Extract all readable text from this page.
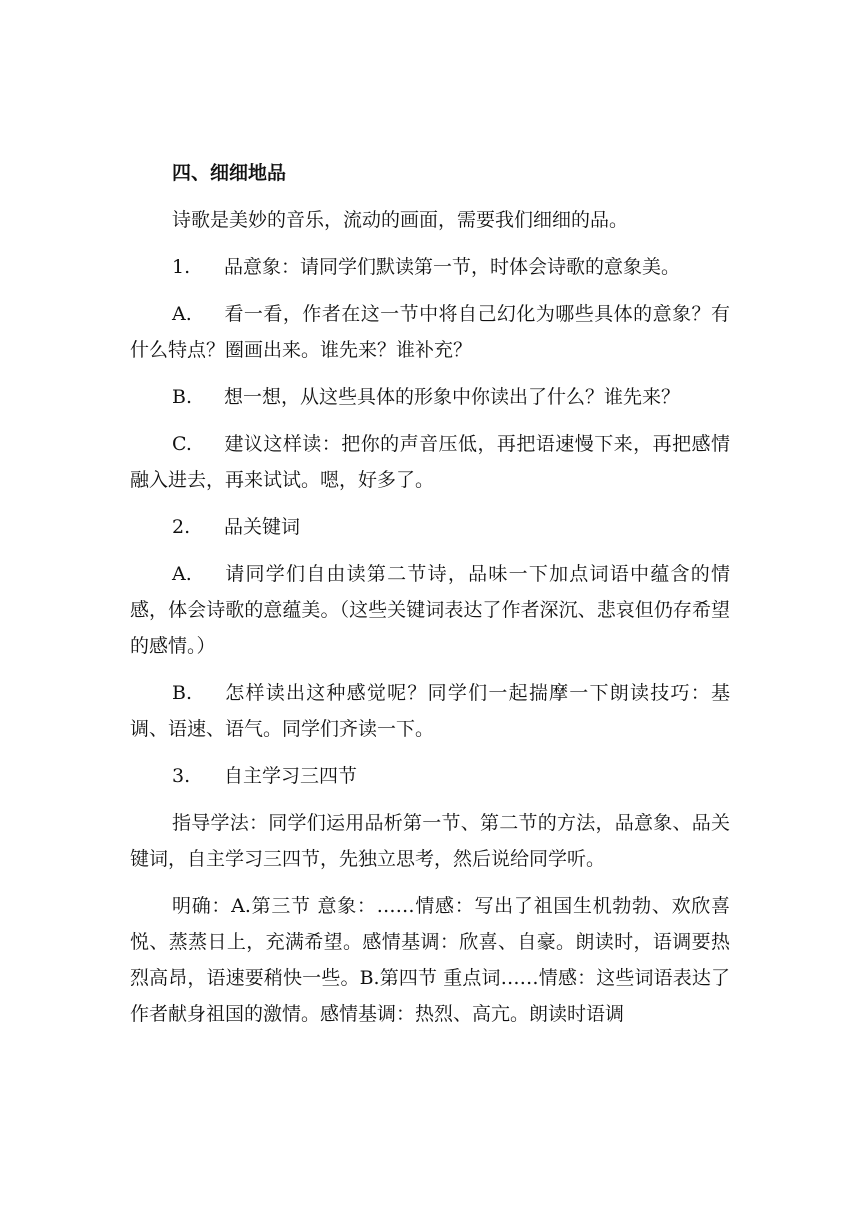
四、细细地品

诗歌是美妙的音乐，流动的画面，需要我们细细的品。

1. 品意象：请同学们默读第一节，时体会诗歌的意象美。

A. 看一看，作者在这一节中将自己幻化为哪些具体的意象？有什么特点？圈画出来。谁先来？谁补充？

B. 想一想，从这些具体的形象中你读出了什么？谁先来？

C. 建议这样读：把你的声音压低，再把语速慢下来，再把感情融入进去，再来试试。嗯，好多了。

2. 品关键词

A. 请同学们自由读第二节诗，品味一下加点词语中蕴含的情感，体会诗歌的意蕴美。（这些关键词表达了作者深沉、悲哀但仍存希望的感情。）

B. 怎样读出这种感觉呢？同学们一起揣摩一下朗读技巧：基调、语速、语气。同学们齐读一下。

3. 自主学习三四节

指导学法：同学们运用品析第一节、第二节的方法，品意象、品关键词，自主学习三四节，先独立思考，然后说给同学听。

明确：A.第三节 意象：……情感：写出了祖国生机勃勃、欢欣喜悦、蒸蒸日上，充满希望。感情基调：欣喜、自豪。朗读时，语调要热烈高昂，语速要稍快一些。B.第四节 重点词……情感：这些词语表达了作者献身祖国的激情。感情基调：热烈、高亢。朗读时语调
